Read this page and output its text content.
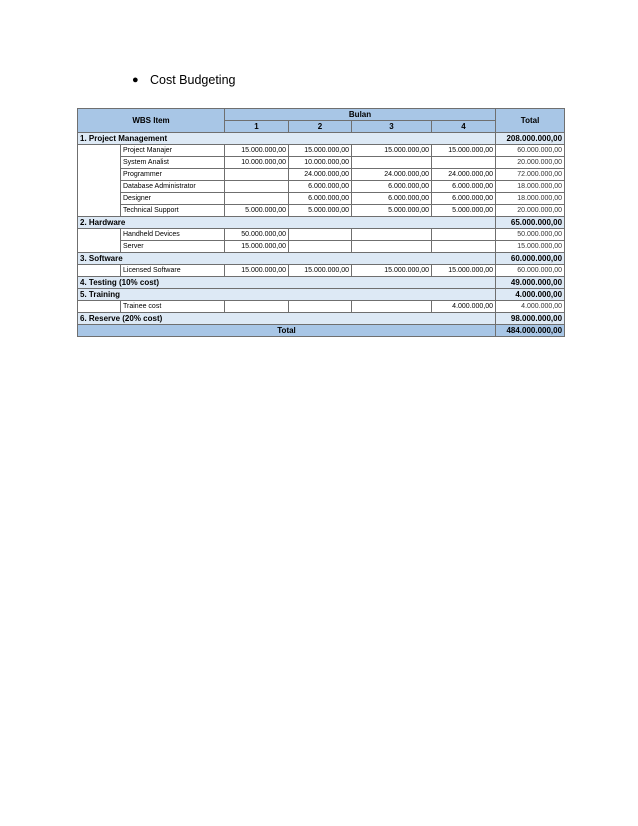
● Cost Budgeting
WBS Item		Bulan				Total
		1	2	3	4	
1. Project Management						208.000.000,00
	Project Manajer	15.000.000,00	15.000.000,00	15.000.000,00	15.000.000,00	60.000.000,00
	System Analist	10.000.000,00	10.000.000,00			20.000.000,00
	Programmer		24.000.000,00	24.000.000,00	24.000.000,00	72.000.000,00
	Database Administrator		6.000.000,00	6.000.000,00	6.000.000,00	18.000.000,00
	Designer		6.000.000,00	6.000.000,00	6.000.000,00	18.000.000,00
	Technical Support	5.000.000,00	5.000.000,00	5.000.000,00	5.000.000,00	20.000.000,00
2. Hardware						65.000.000,00
	Handheld Devices	50.000.000,00				50.000.000,00
	Server	15.000.000,00				15.000.000,00
3. Software						60.000.000,00
	Licensed Software	15.000.000,00	15.000.000,00	15.000.000,00	15.000.000,00	60.000.000,00
4. Testing (10% cost)						49.000.000,00
5. Training						4.000.000,00
	Trainee cost				4.000.000,00	4.000.000,00
6. Reserve (20% cost)						98.000.000,00
Total						484.000.000,00
